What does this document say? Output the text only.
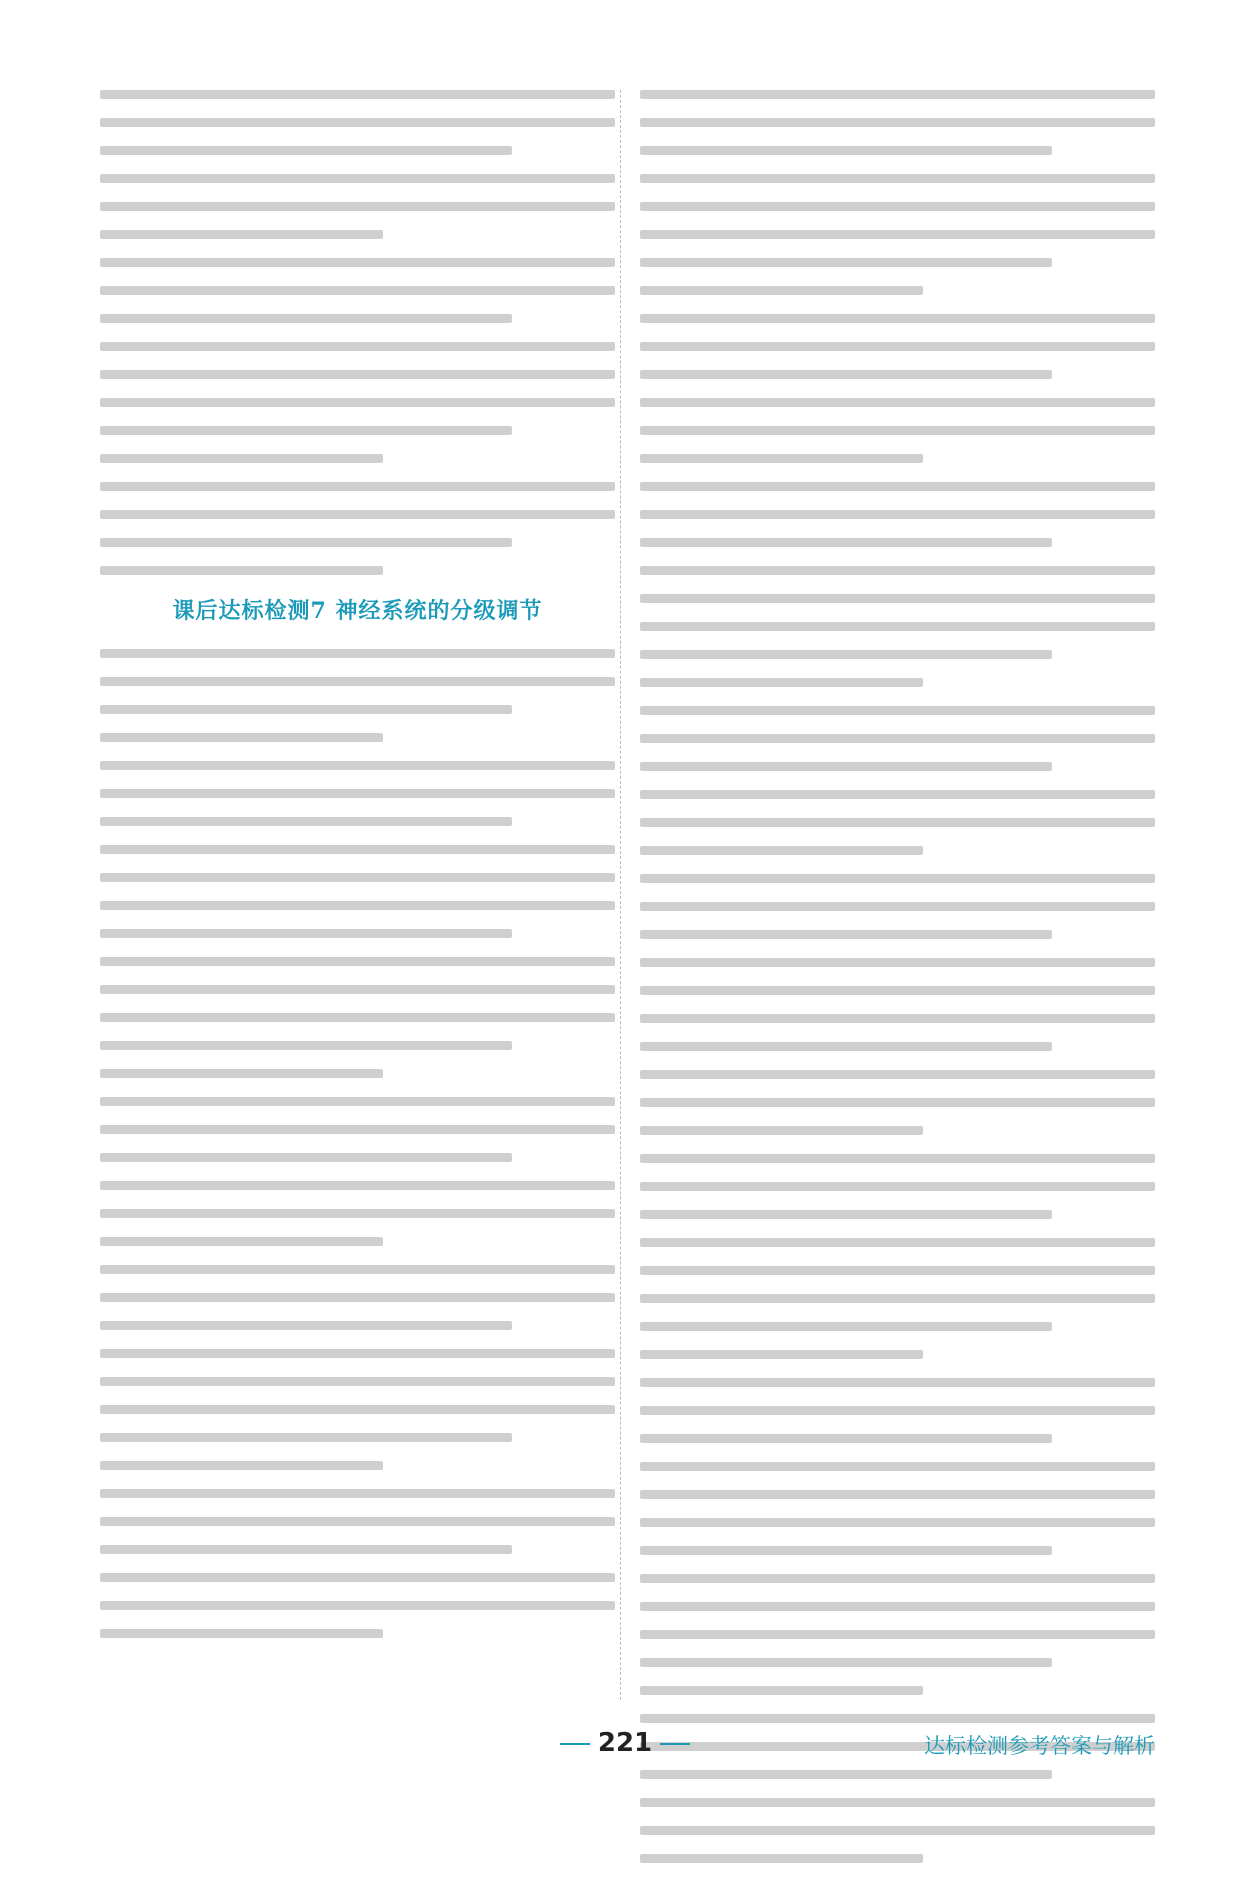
课后达标检测7 神经系统的分级调节
221	达标检测参考答案与解析
